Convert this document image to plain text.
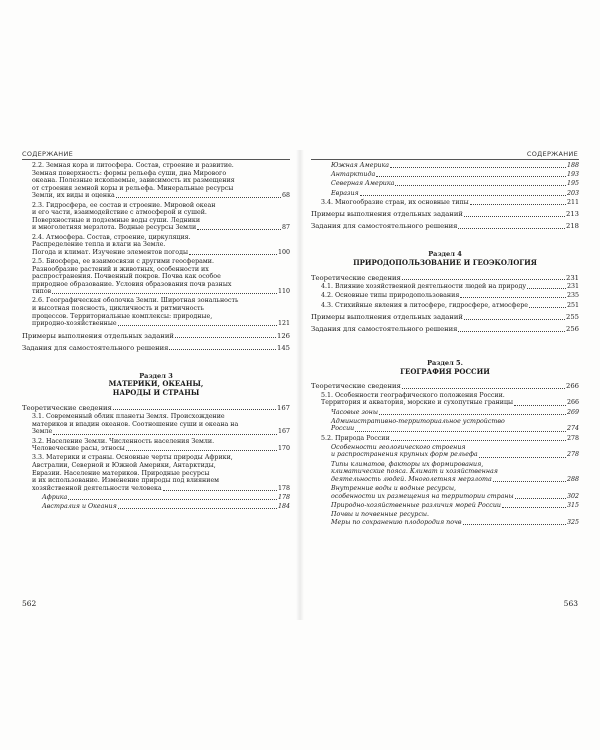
СОДЕРЖАНИЕ	СОДЕРЖАНИЕ
2.2. Земная кора и литосфера. Состав, строение и развитие.
Земная поверхность: формы рельефа суши, дна Мирового
океана. Полезные ископаемые, зависимость их размещения
от строения земной коры и рельефа. Минеральные ресурсы
Земли, их виды и оценка	68
2.3. Гидросфера, ее состав и строение. Мировой океан
и его части, взаимодействие с атмосферой и сушей.
Поверхностные и подземные воды суши. Ледники
и многолетняя мерзлота. Водные ресурсы Земли	87
2.4. Атмосфера. Состав, строение, циркуляция.
Распределение тепла и влаги на Земле.
Погода и климат. Изучение элементов погоды	100
2.5. Биосфера, ее взаимосвязи с другими геосферами.
Разнообразие растений и животных, особенности их
распространения. Почвенный покров. Почва как особое
природное образование. Условия образования почв разных
типов	110
2.6. Географическая оболочка Земли. Широтная зональность
и высотная поясность, цикличность и ритмичность
процессов. Территориальные комплексы: природные,
природно-хозяйственные	121
Примеры выполнения отдельных заданий	126
Задания для самостоятельного решения	145
Раздел 3
МАТЕРИКИ, ОКЕАНЫ,
НАРОДЫ И СТРАНЫ
Теоретические сведения	167
3.1. Современный облик планеты Земля. Происхождение
материков и впадин океанов. Соотношение суши и океана на
Земле	167
3.2. Население Земли. Численность населения Земли.
Человеческие расы, этносы	170
3.3. Материки и страны. Основные черты природы Африки,
Австралии, Северной и Южной Америки, Антарктиды,
Евразии. Население материков. Природные ресурсы
и их использование. Изменение природы под влиянием
хозяйственной деятельности человека	178
Африка	178
Австралия и Океания	184
Южная Америка	188
Антарктида	193
Северная Америка	195
Евразия	203
3.4. Многообразие стран, их основные типы	211
Примеры выполнения отдельных заданий	213
Задания для самостоятельного решения	218
Раздел 4
ПРИРОДОПОЛЬЗОВАНИЕ И ГЕОЭКОЛОГИЯ
Теоретические сведения	231
4.1. Влияние хозяйственной деятельности людей на природу	231
4.2. Основные типы природопользования	235
4.3. Стихийные явления в литосфере, гидросфере, атмосфере	251
Примеры выполнения отдельных заданий	255
Задания для самостоятельного решения	256
Раздел 5.
ГЕОГРАФИЯ РОССИИ
Теоретические сведения	266
5.1. Особенности географического положения России.
Территория и акватория, морские и сухопутные границы	266
Часовые зоны	269
Административно-территориальное устройство
России	274
5.2. Природа России	278
Особенности геологического строения
и распространения крупных форм рельефа	278
Типы климатов, факторы их формирования,
климатические пояса. Климат и хозяйственная
деятельность людей. Многолетняя мерзлота	288
Внутренние воды и водные ресурсы,
особенности их размещения на территории страны	302
Природно-хозяйственные различия морей России	315
Почвы и почвенные ресурсы.
Меры по сохранению плодородия почв	325
562	563
